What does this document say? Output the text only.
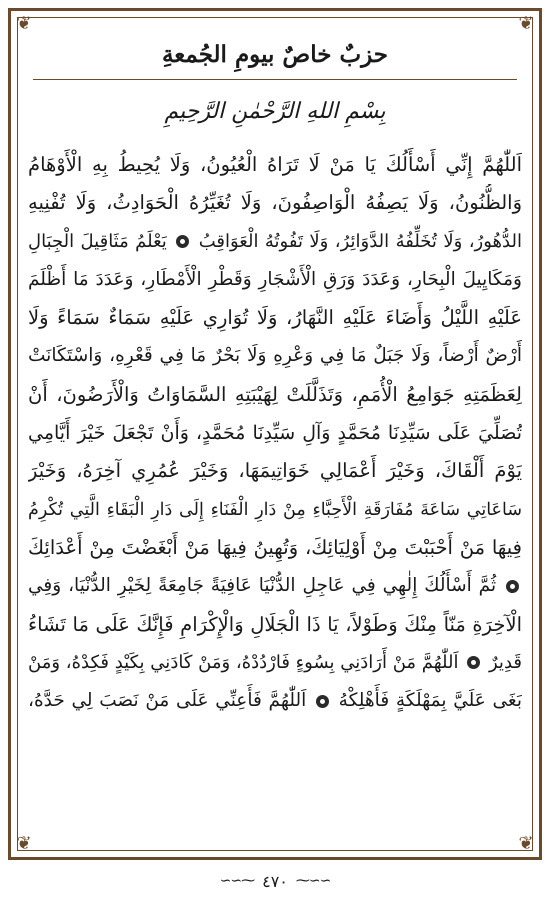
❦	❦
❦	❦
حزبٌ خاصٌ بيومِ الجُمعةِ
بِسْمِ اللهِ الرَّحْمٰنِ الرَّحِيمِ
اَللّٰهُمَّ إِنِّي أَسْأَلُكَ يَا مَنْ لَا تَرَاهُ الْعُيُونُ، وَلَا يُحِيطُ بِهِ الْأَوْهَامُ
وَالظُّنُونُ، وَلَا يَصِفُهُ الْوَاصِفُونَ، وَلَا تُغَيِّرُهُ الْحَوَادِثُ، وَلَا تُفْنِيهِ
الدُّهُورُ، وَلَا تُخَلِّفُهُ الدَّوَائِرُ، وَلَا تَفُوتُهُ الْعَوَاقِبُ  يَعْلَمُ مَثَاقِيلَ الْجِبَالِ
وَمَكَايِيلَ الْبِحَارِ، وَعَدَدَ وَرَقِ الْأَشْجَارِ وَقَطْرِ الْأَمْطَارِ، وَعَدَدَ مَا أَظْلَمَ
عَلَيْهِ اللَّيْلُ وَأَضَاءَ عَلَيْهِ النَّهَارُ، وَلَا تُوَارِي عَلَيْهِ سَمَاءٌ سَمَاءً وَلَا
أَرْضٌ أَرْضاً، وَلَا جَبَلٌ مَا فِي وَعْرِهِ وَلَا بَحْرٌ مَا فِي قَعْرِهِ، وَاسْتَكَانَتْ
لِعَظَمَتِهِ جَوَامِعُ الْأُمَمِ، وَتَذَلَّلَتْ لِهَيْبَتِهِ السَّمَاوَاتُ وَالْأَرَضُونَ، أَنْ
تُصَلِّيَ عَلَى سَيِّدِنَا مُحَمَّدٍ وَآلِ سَيِّدِنَا مُحَمَّدٍ، وَأَنْ تَجْعَلَ خَيْرَ أَيَّامِي
يَوْمَ أَلْقَاكَ، وَخَيْرَ أَعْمَالِي خَوَاتِيمَهَا، وَخَيْرَ عُمُرِي آخِرَهُ، وَخَيْرَ
سَاعَاتِي سَاعَةَ مُفَارَقَةِ الْأَحِبَّاءِ مِنْ دَارِ الْفَنَاءِ إِلَى دَارِ الْبَقَاءِ الَّتِي تُكْرِمُ
فِيهَا مَنْ أَحْبَبْتَ مِنْ أَوْلِيَائِكَ، وَتُهِينُ فِيهَا مَنْ أَبْغَضْتَ مِنْ أَعْدَائِكَ
ثُمَّ أَسْأَلُكَ إِلٰهِي فِي عَاجِلِ الدُّنْيَا عَافِيَةً جَامِعَةً لِخَيْرِ الدُّنْيَا، وَفِي
الْآخِرَةِ مَنّاً مِنْكَ وَطَوْلاً، يَا ذَا الْجَلَالِ وَالْإِكْرَامِ فَإِنَّكَ عَلَى مَا تَشَاءُ
قَدِيرٌ  اَللّٰهُمَّ مَنْ أَرَادَنِي بِسُوءٍ فَارْدُدْهُ، وَمَنْ كَادَنِي بِكَيْدٍ فَكِدْهُ، وَمَنْ
بَغَى عَلَيَّ بِمَهْلَكَةٍ فَأَهْلِكْهُ  اَللّٰهُمَّ فَأَعِنِّي عَلَى مَنْ نَصَبَ لِي حَدَّهُ،
∽∽⁓ ٤٧٠ ⁓∽∽
